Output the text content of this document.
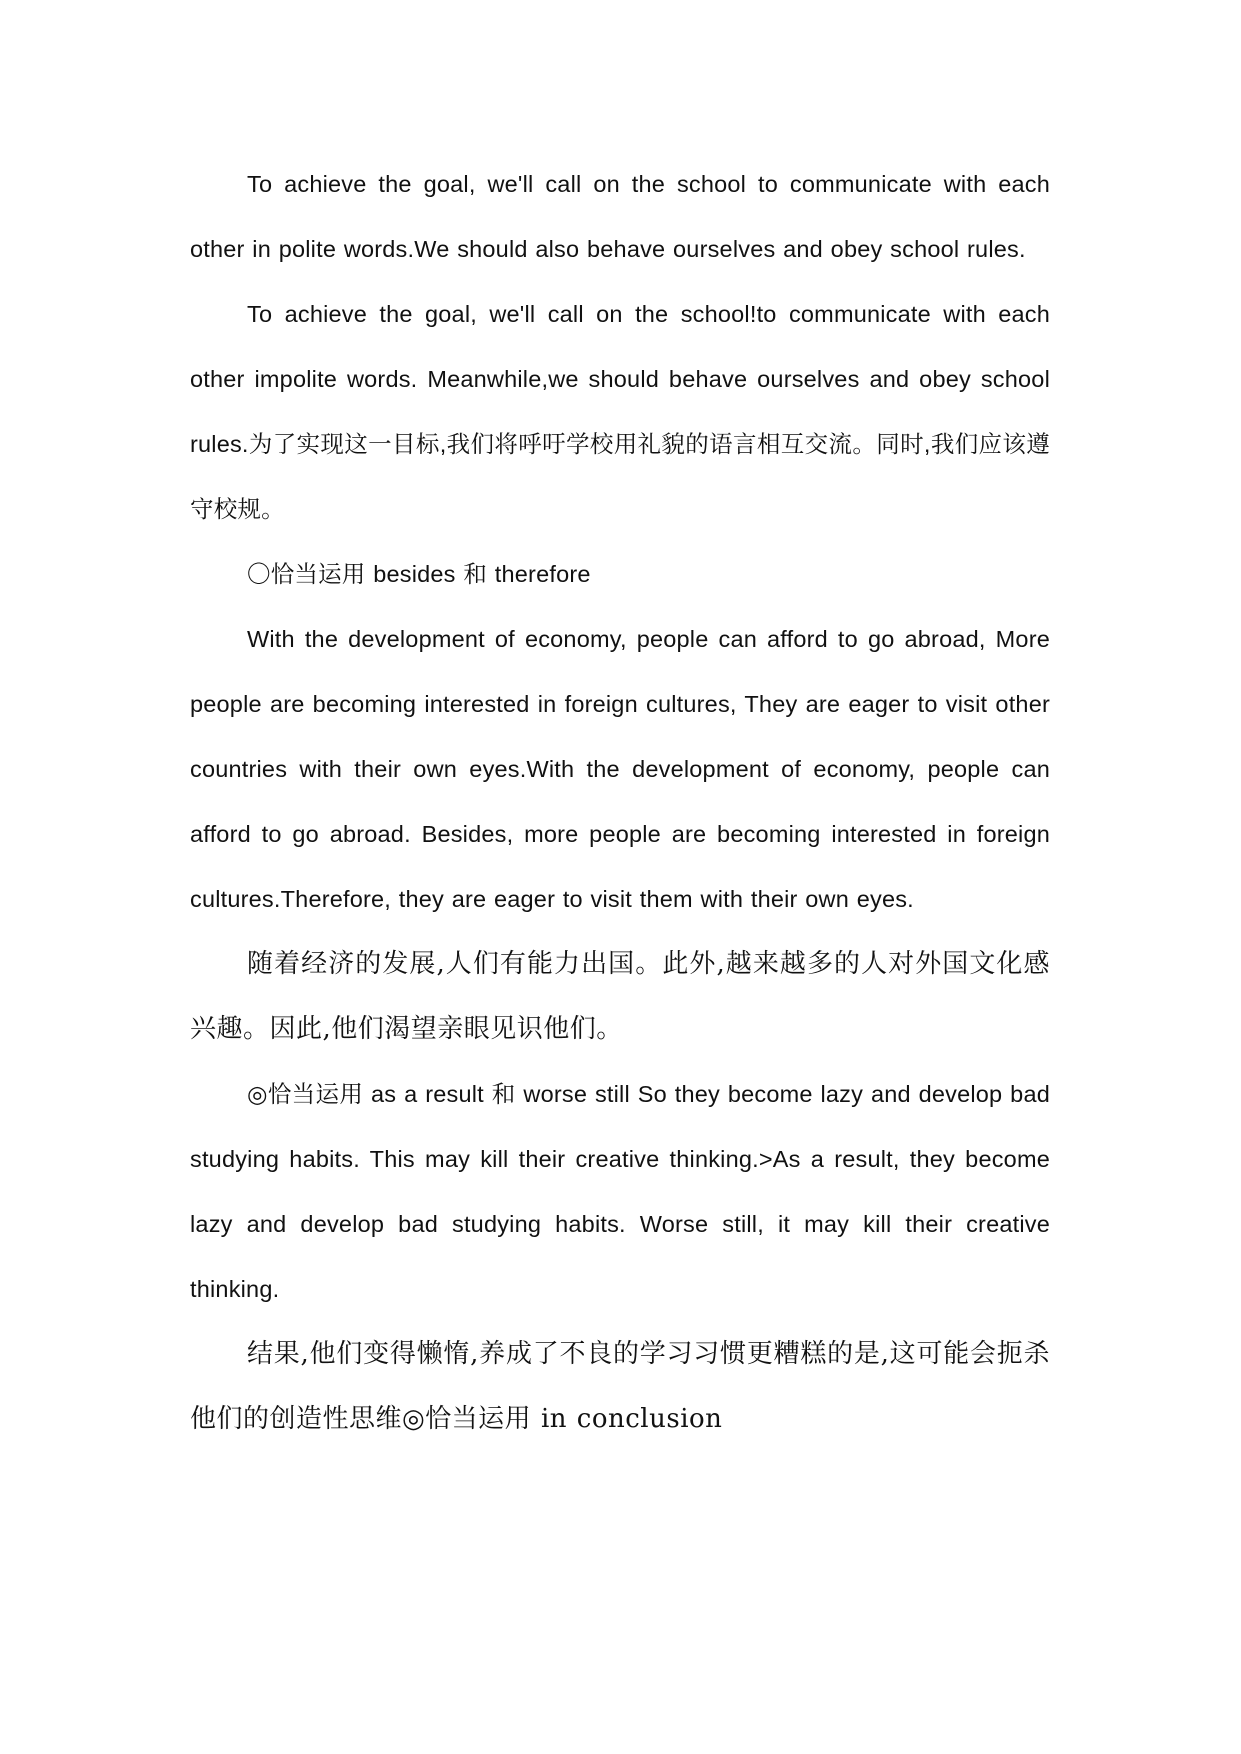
To achieve the goal, we'll call on the school to communicate with each other in polite words.We should also behave ourselves and obey school rules.

To achieve the goal, we'll call on the school!to communicate with each other impolite words. Meanwhile,we should behave ourselves and obey school rules.为了实现这一目标,我们将呼吁学校用礼貌的语言相互交流。同时,我们应该遵守校规。

〇恰当运用 besides 和 therefore

With the development of economy, people can afford to go abroad, More people are becoming interested in foreign cultures, They are eager to visit other countries with their own eyes.With the development of economy, people can afford to go abroad. Besides, more people are becoming interested in foreign cultures.Therefore, they are eager to visit them with their own eyes.

随着经济的发展,人们有能力出国。此外,越来越多的人对外国文化感兴趣。因此,他们渴望亲眼见识他们。

◎恰当运用 as a result 和 worse still So they become lazy and develop bad studying habits. This may kill their creative thinking.>As a result, they become lazy and develop bad studying habits. Worse still, it may kill their creative thinking.

结果,他们变得懒惰,养成了不良的学习习惯更糟糕的是,这可能会扼杀他们的创造性思维◎恰当运用 in conclusion
